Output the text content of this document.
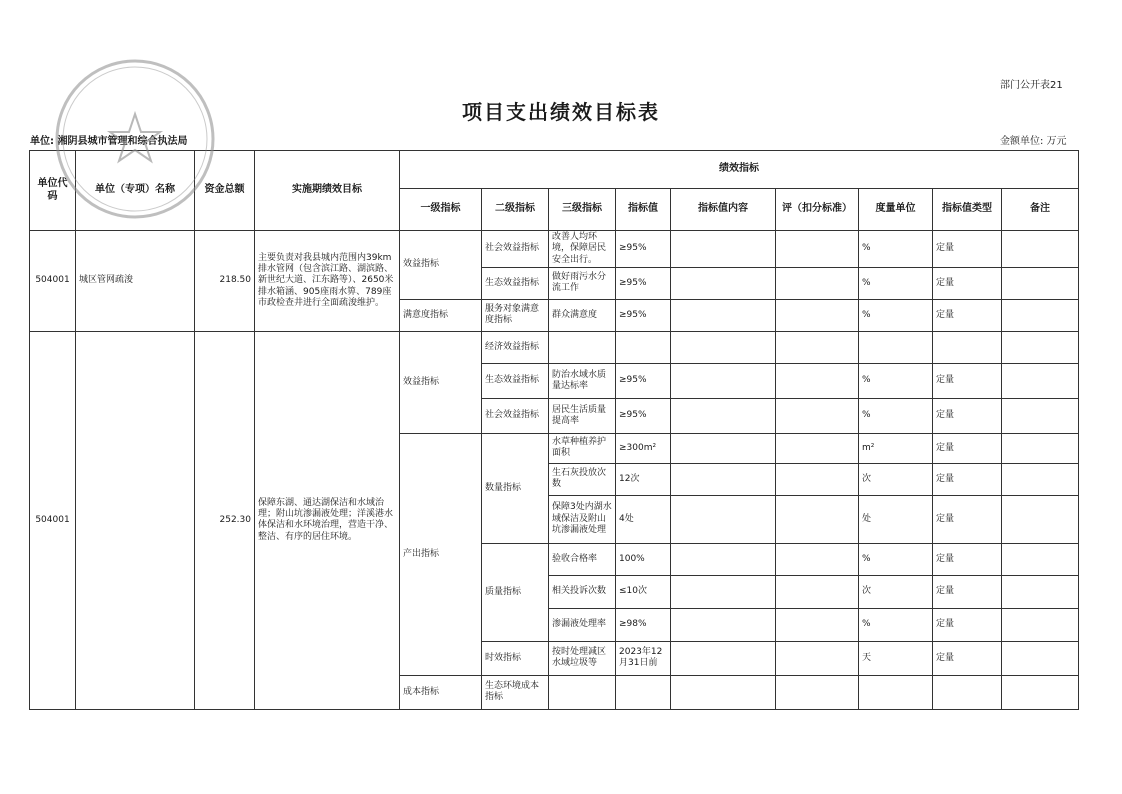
部门公开表21
项目支出绩效目标表
单位: 湘阴县城市管理和综合执法局	金额单位: 万元
单位代码	单位（专项）名称	资金总额	实施期绩效目标	绩效指标								
				一级指标	二级指标	三级指标	指标值	指标值内容	评（扣分标准）	度量单位	指标值类型	备注
504001	城区管网疏浚	218.50	主要负责对我县城内范围内39km排水管网（包含滨江路、湖滨路、新世纪大道、江东路等）、2650米排水箱涵、905座雨水箅、789座市政检查井进行全面疏浚维护。	效益指标	社会效益指标	改善人均环境，保障居民安全出行。	≥95%			%	定量	
					生态效益指标	做好雨污水分流工作	≥95%			%	定量	
				满意度指标	服务对象满意度指标	群众满意度	≥95%			%	定量	
504001		252.30	保障东湖、通达湖保洁和水域治理；附山坑渗漏液处理；洋溪港水体保洁和水环境治理，营造干净、整洁、有序的居住环境。	效益指标	经济效益指标							
					生态效益指标	防治水域水质量达标率	≥95%			%	定量	
					社会效益指标	居民生活质量提高率	≥95%			%	定量	
				产出指标	数量指标	水草种植养护面积	≥300m²			m²	定量	
						生石灰投放次数	12次			次	定量	
						保障3处内湖水域保洁及附山坑渗漏液处理	4处			处	定量	
					质量指标	验收合格率	100%			%	定量	
						相关投诉次数	≤10次			次	定量	
						渗漏液处理率	≥98%			%	定量	
					时效指标	按时处理减区水域垃圾等	2023年12月31日前			天	定量	
				成本指标	生态环境成本指标							
